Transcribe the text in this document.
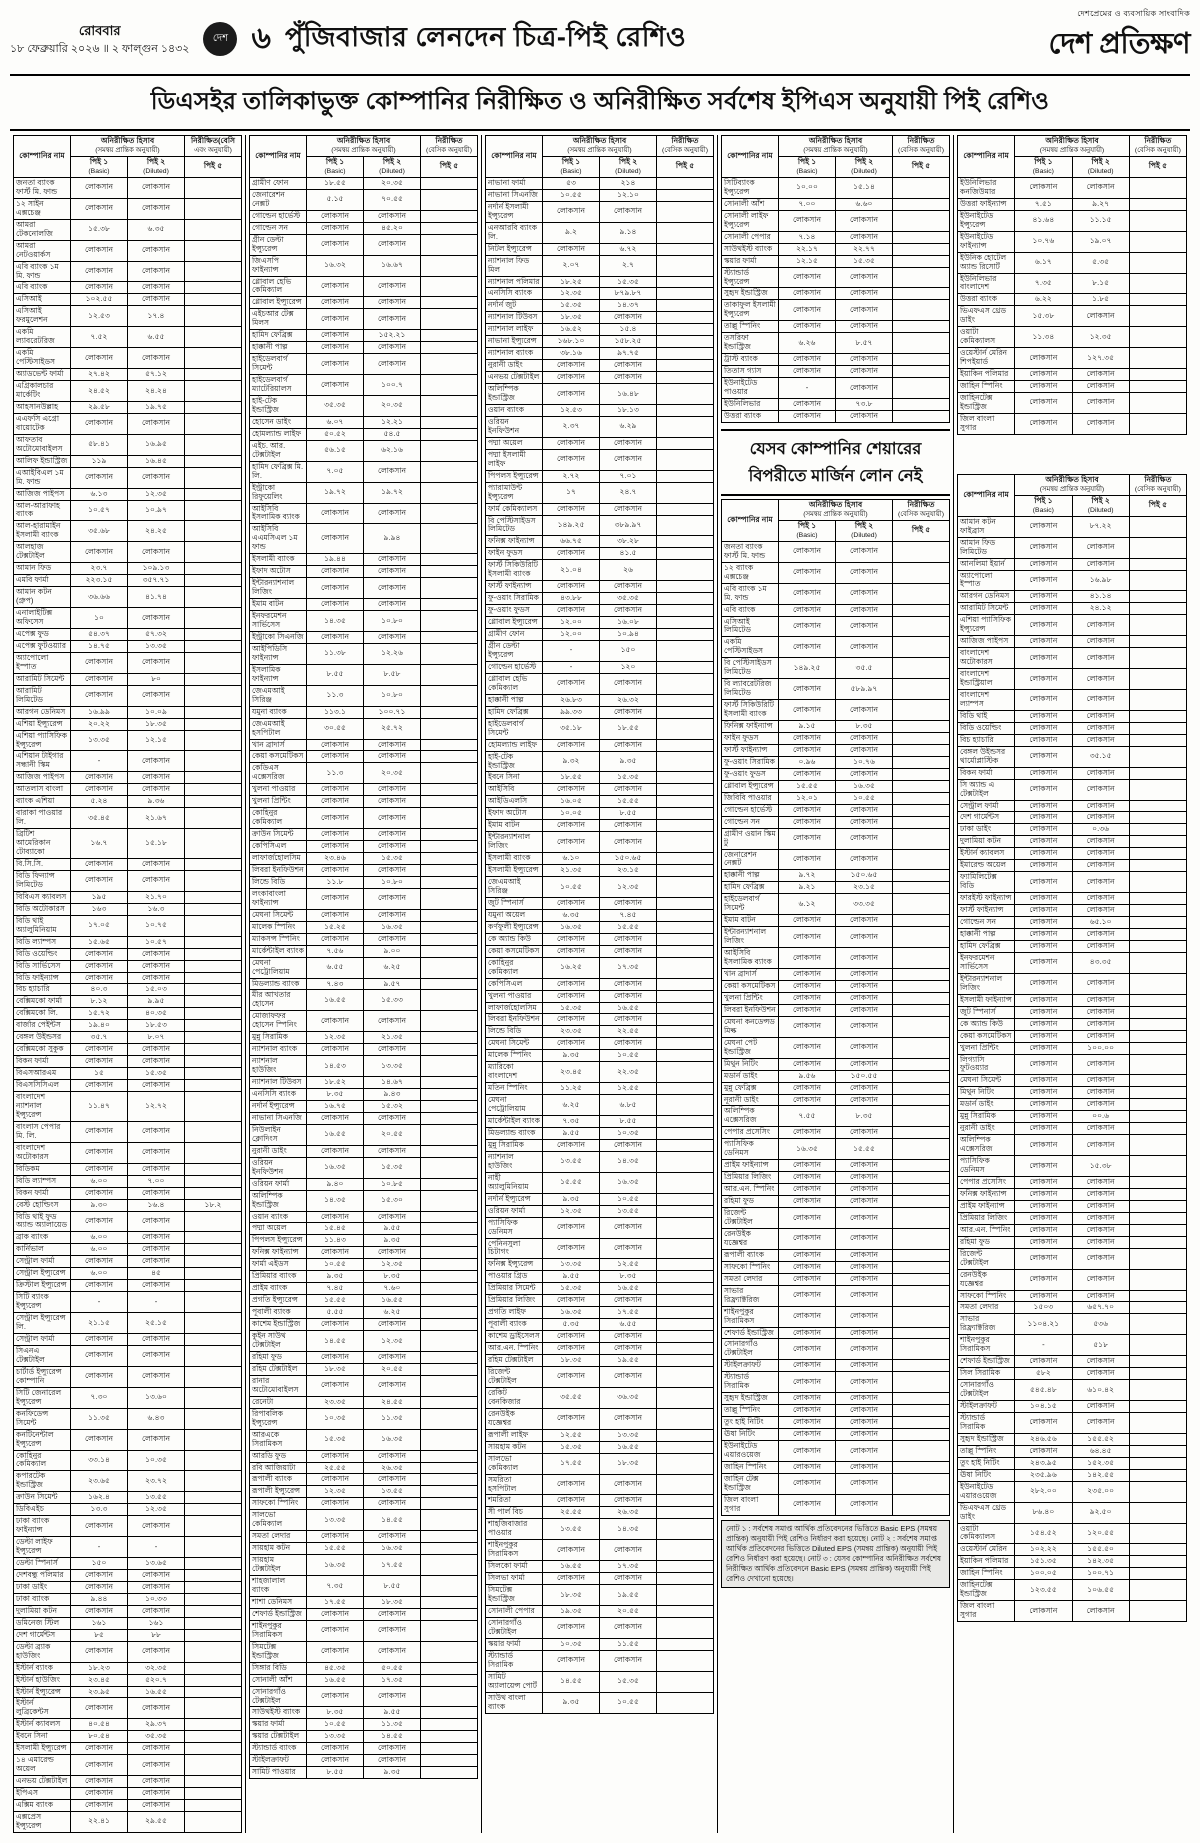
রোববার
১৮ ফেব্রুয়ারি ২০২৬ ॥ ২ ফাল্গুন ১৪৩২
দেশ ৬ পুঁজিবাজার লেনদেন চিত্র-পিই রেশিও
দেশপ্রেমের ও ব্যবসায়িক সাংবাদিক
দেশ প্রতিক্ষণ
ডিএসইর তালিকাভুক্ত কোম্পানির নিরীক্ষিত ও অনিরীক্ষিত সর্বশেষ ইপিএস অনুযায়ী পিই রেশিও
কোম্পানির নাম	অনিরীক্ষিত হিসাব
(সমন্বয় প্রান্তিক অনুযায়ী)		নিরীক্ষিত(বেসি
এবং অনুযায়ী)
	পিই ১
(Basic)	পিই ২
(Diluted)	পিই ৫
জনতা ব্যাংক ফার্স্ট মি. ফান্ড	লোকসান	লোকসান	
১২ সাইন এক্সচেঞ্জ	লোকসান	লোকসান	
আমরা টেকনোলজি	১৫.৩৮	৬.৩৫	
আমরা নেটওয়ার্কস	লোকসান	লোকসান	
এবি ব্যাংক ১ম মি. ফান্ড	লোকসান	লোকসান	
এবি ব্যাংক	লোকসান	লোকসান	
এসিআই	১০২.৫৫	লোকসান	
এসিআই ফরমুলেশন	১২.৫৩	১৭.৪	
একমি ল্যাবরেটরিজ	৭.৫২	৬.৫৫	
একমি পেস্টিসাইডস	লোকসান	লোকসান	
অ্যাডভেন্ট ফার্মা	২৭.৪২	৫৭.১২	
এগ্রিকালচার মার্কেটিং	২৪.৫২	২৪.২৪	
আহসানউল্লাহ	২৯.৫৮	১৯.৭৫	
এএফসি এগ্রো বায়োটেক	লোকসান	লোকসান	
আফতাব অটোমোবাইলস	৫৮.৪১	১৬.৯৫	
আলিফ ইন্ডাস্ট্রিজ	১১৯	১৬.৪৫	
এআইবিএল ১ম মি. ফান্ড	লোকসান	লোকসান	
আজিজ পাইপস	৬.১৩	১২.৩৫	
আল-আরাফাহ ব্যাংক	১০.৫৭	১০.৯৭	
আল-হারামাইন ইসলামী ব্যাংক	৩৫.৬৮	২৪.২৫	
আলহাজ টেক্সটাইল	লোকসান	লোকসান	
আমান ফিড	২৩.৭	১০৯.১৩	
এমবি ফার্মা	২২৩.১৫	৩৫৭.৭১	
আমান কটন (গ্রুপ)	৩৬.৬৬	৪১.৭৪	
এনালাইটিক্স অফিসেস	১০	লোকসান	
এপেক্স ফুড	৫৪.৩৭	৫৭.৩২	
এপেক্স ফুটওয়্যার	১৪.৭৫	১৩.৩৫	
অ্যাপোলো ইস্পাত	লোকসান	লোকসান	
আরামিট সিমেন্ট	লোকসান	৮০	
আরামিট লিমিটেড	লোকসান	লোকসান	
আরগন ডেনিমস	১৬.৯৯	১০.০৯	
এশিয়া ইন্স্যুরেন্স	২০.২২	১৮.৩৫	
এশিয়া প্যাসিফিক ইন্স্যুরেন্স	১৩.৩৫	১২.১৫	
এশিয়ান টাইগার সন্ধানী স্কিম	-	লোকসান	
আজিজ পাইপস	লোকসান	লোকসান	
আতলাস বাংলা	লোকসান	লোকসান	
ব্যাংক এশিয়া	৫.২৪	৯.৩৬	
বারাকা পাওয়ার লি.	৩৫.৪৫	২১.৬৭	
ব্রিটিশ আমেরিকান টোব্যাকো	১৬.৭	১৫.১৮	
বি.সি.সি.	লোকসান	লোকসান	
বিডি ফিন্যান্স লিমিটেড	লোকসান	লোকসান	
বিবিএস ক্যাবলস	১৯৫	২১.৭০	
বিডি অটোকারস	১৬৩	১৬.৩	
বিডি থাই অ্যালুমিনিয়াম	১৭.০৫	১০.৭৫	
বিডি ল্যাম্পস	১৫.৬৫	১০.৫৭	
বিডি ওয়েল্ডিং	লোকসান	লোকসান	
বিডি সার্ভিসেস	লোকসান	লোকসান	
বিডি ফাইন্যান্স	লোকসান	লোকসান	
বিচ হ্যাচারি	৪০.৩	১৫.০৩	
বেক্সিমকো ফার্মা	৮.১২	৯.৯৫	
বেক্সিমকো লি.	১৫.৭২	৪০.৩৫	
বার্জার পেইন্টস	১৯.৪০	১৮.৫৩	
বেঙ্গল উইন্ডসর	৩৫.৭	৮.০৭	
বেক্সিমকো সুকুক	লোকসান	লোকসান	
বিকন ফার্মা	লোকসান	লোকসান	
বিএসআরএম	১৫	১৫.৩৫	
বিএসসিসিএল	লোকসান	লোকসান	
বাংলাদেশ ন্যাশনাল ইন্স্যুরেন্স	১১.৪৭	১২.৭২	
বাংলাস পেপার মি. লি.	লোকসান	লোকসান	
বাংলাদেশ অটোকারস	লোকসান	লোকসান	
বিডিকম	লোকসান	লোকসান	
বিডি ল্যাম্পস	৬.০০	৭.০০	
বিকন ফার্মা	লোকসান	লোকসান	
বেস্ট হোল্ডিংস	৯.৩০	১৬.৪	১৮.২
বিডি থাই ফুড অ্যান্ড অ্যালায়েড	লোকসান	লোকসান	
ব্রাক ব্যাংক	৬.০০	লোকসান	
কার্নিভাল	৬.০০	লোকসান	
সেন্ট্রাল ফার্মা	লোকসান	লোকসান	
সেন্ট্রাল ইন্স্যুরেন্স	৬.০০	৪৫	
ক্রিস্টাল ইন্স্যুরেন্স	লোকসান	লোকসান	
সিটি ব্যাংক ইন্স্যুরেন্স	-	-	
সেন্ট্রাল ইন্স্যুরেন্স লি.	২১.১৫	২৫.১৫	
সেন্ট্রাল ফার্মা	লোকসান	লোকসান	
সিএনএ টেক্সটাইল	লোকসান	লোকসান	
চার্টার্ড ইন্স্যুরেন্স কোম্পানি	লোকসান	লোকসান	
সিটি জেনারেল ইন্স্যুরেন্স	৭.৩০	১৩.৬০	
কনফিডেন্স সিমেন্ট	১১.৩৫	৬.৪৩	
কনটিনেন্টাল ইন্স্যুরেন্স	লোকসান	লোকসান	
কোহিনুর কেমিক্যাল	৩৩.১৪	১০.৩৫	
কপারটেক ইন্ডাস্ট্রিজ	২৩.৬৫	২৩.৭২	
ক্রাউন সিমেন্ট	১৬২.৪	১৩.৫৫	
ডিবিএইচ	১৩.৩	১২.৩৫	
ঢাকা ব্যাংক ফাইন্যান্স	লোকসান	লোকসান	
ডেল্টা লাইফ ইন্স্যুরেন্স	-	-	
ডেল্টা স্পিনার্স	১৫০	১৩.৬৫	
দেশবন্ধু পলিমার	লোকসান	লোকসান	
ঢাকা ডাইং	লোকসান	লোকসান	
ঢাকা ব্যাংক	৯.৪৪	১০.৩৩	
দুলামিয়া কটন	লোকসান	লোকসান	
ডমিনেজ স্টিল	১৬১	১৬১	
দেশ গার্মেন্টস	৮৫	৮৮	
ডেল্টা ব্র্যাক হাউজিং	লোকসান	লোকসান	
ইস্টার্ন ব্যাংক	১৮.২৩	৩২.৩৫	
ইস্টার্ন হাউজিং	২৩.৪৫	৫২০.৭	
ইস্টার্ন ইন্স্যুরেন্স	২৩.৯৫	১৬.৫৫	
ইস্টার্ন লুব্রিকেন্টস	লোকসান	লোকসান	
ইস্টার্ন ক্যাবলস	৪০.৫৪	২৯.৩৭	
ইবনে সিনা	৮০.৫৪	৩৫.৩৫	
ইসলামী ইন্স্যুরেন্স	লোকসান	লোকসান	
১৪ এমারেল্ড অয়েল	লোকসান	লোকসান	
এনভয় টেক্সটাইল	লোকসান	লোকসান	
ইপিএস	লোকসান	লোকসান	
এক্সিম ব্যাংক	লোকসান	লোকসান	
এক্সপ্রেস ইন্স্যুরেন্স	২২.৪১	২৯.৫৫	
কোম্পানির নাম	অনিরীক্ষিত হিসাব
(সমন্বয় প্রান্তিক অনুযায়ী)		নিরীক্ষিত
(বেসিক অনুযায়ী)
	পিই ১
(Basic)	পিই ২
(Diluted)	পিই ৫
গ্রামীণ ফোন	১৮.৫৫	২০.৩৫	
জেনারেশন নেক্সট	৫.১৫	৭০.৫৫	
গোল্ডেন হার্ভেস্ট	লোকসান	লোকসান	
গোল্ডেন সন	লোকসান	৪৫.২০	
গ্রীন ডেল্টা ইন্স্যুরেন্স	লোকসান	লোকসান	
জিএসপি ফাইন্যান্স	১৬.৩২	১৬.৬৭	
গ্লোবাল হেভি কেমিক্যাল	লোকসান	লোকসান	
গ্লোবাল ইন্স্যুরেন্স	লোকসান	লোকসান	
এইচআর টেক্স মিলস	লোকসান	লোকসান	
হামিদ ফেব্রিক্স	লোকসান	১৫২.২১	
হাক্কানী পাল্প	লোকসান	লোকসান	
হাইডেলবার্গ সিমেন্ট	লোকসান	লোকসান	
হাইডেলবার্গ ম্যাটেরিয়ালস	লোকসান	১০০.৭	
হাই-টেক ইন্ডাস্ট্রিজ	৩৫.৩৫	২০.৩৫	
হোসেন ডাইং	৬.০৭	১২.২১	
হোমল্যান্ড লাইফ	৫০.৫২	৫৪.৫	
এইচ. আর. টেক্সটাইল	৫৬.১৫	৬২.১৬	
হামিদ ফেব্রিক্স মি. লি.	৭.০৫	লোকসান	
ইন্ট্রাকো রিফুয়েলিং	১৯.৭২	১৯.৭২	
আইসিবি ইসলামিক ব্যাংক	লোকসান	লোকসান	
আইসিবি এএমসিএল ১ম ফান্ড	লোকসান	৯.৯৪	
ইসলামী ব্যাংক	১৯.৪৪	লোকসান	
ইফাদ অটোস	লোকসান	লোকসান	
ইন্টারন্যাশনাল লিজিং	লোকসান	লোকসান	
ইমাম বাটন	লোকসান	লোকসান	
ইনফরমেশন সার্ভিসেস	১৪.৩৫	১০.৮০	
ইন্ট্রাকো সিএনজি	লোকসান	লোকসান	
আইপিডিসি ফাইন্যান্স	১১.৩৮	১২.২৬	
ইসলামিক ফাইন্যান্স	৮.৫৫	৮.৫৮	
জেএমআই সিরিঞ্জ	১১.৩	১০.৮০	
যমুনা ব্যাংক	১১৩.১	১০০.৭১	
জেএমআই হসপিটাল	৩০.৫৫	২৫.৭২	
খান ব্রাদার্স	লোকসান	লোকসান	
কেয়া কসমেটিকস	লোকসান	লোকসান	
কেডিএস এক্সেসরিজ	১১.৩	২০.৩৫	
খুলনা পাওয়ার	লোকসান	লোকসান	
খুলনা প্রিন্টিং	লোকসান	লোকসান	
কোহিনুর কেমিক্যাল	লোকসান	লোকসান	
ক্রাউন সিমেন্ট	লোকসান	লোকসান	
কেপিসিএল	লোকসান	লোকসান	
লাফার্জহোলসিম	২৩.৪৬	১৫.৩৫	
লিবরা ইনফিউশন	লোকসান	লোকসান	
লিন্ডে বিডি	১১.৮	১০.৮০	
লংকাবাংলা ফাইন্যান্স	লোকসান	লোকসান	
মেঘনা সিমেন্ট	লোকসান	লোকসান	
মালেক স্পিনিং	১৫.২৫	১৬.৩৫	
ম্যাকসন্স স্পিনিং	লোকসান	লোকসান	
মার্কেন্টাইল ব্যাংক	৭.৫৬	৯.০০	
মেঘনা পেট্রোলিয়াম	৬.৫৫	৬.২৫	
মিডল্যান্ড ব্যাংক	৭.৪৩	৯.৫৭	
মীর আখতার হোসেন	১৬.৫৫	১৫.৩৩	
মোজাফফর হোসেন স্পিনিং	লোকসান	লোকসান	
মুন্নু সিরামিক	১২.৩৫	২১.৩৫	
ন্যাশনাল ব্যাংক	লোকসান	লোকসান	
ন্যাশনাল হাউজিং	১৪.৫৩	১৩.৩৫	
ন্যাশনাল টিউবস	১৮.৫২	১৪.৬৭	
এনসিসি ব্যাংক	৮.৩৫	৯.৪৩	
নর্দার্ন ইন্স্যুরেন্স	১৬.৭৫	১৫.৩২	
নাভানা সিএনজি	লোকসান	লোকসান	
নিউলাইন ক্লোদিংস	১৬.৫৫	২০.৫৫	
নুরানী ডাইং	লোকসান	লোকসান	
ওরিয়ন ইনফিউশন	১৬.৩৫	১৫.৩৫	
ওরিয়ন ফার্মা	৯.৪০	১০.৮৫	
অলিম্পিক ইন্ডাস্ট্রিজ	১৪.৩৫	১৫.৩০	
ওয়ান ব্যাংক	লোকসান	লোকসান	
পদ্মা অয়েল	১৫.৪৫	৯.৫৫	
পিপলস ইন্স্যুরেন্স	১১.৪৩	৯.৩৫	
ফনিক্স ফাইন্যান্স	লোকসান	লোকসান	
ফার্মা এইডস	১০.৫৫	১২.৩৫	
প্রিমিয়ার ব্যাংক	৯.৩৫	৮.৩৫	
প্রাইম ব্যাংক	৭.৪৫	৭.৬০	
প্রগতি ইন্স্যুরেন্স	১৫.৫৫	১৬.৫৫	
পূবালী ব্যাংক	৫.৫৫	৬.২৫	
কাশেম ইন্ডাস্ট্রিজ	লোকসান	লোকসান	
কুইন সাউথ টেক্সটাইল	১৪.৫৫	১২.৩৫	
রহিমা ফুড	লোকসান	লোকসান	
রহিম টেক্সটাইল	১৮.৩৫	২০.৫৫	
রানার অটোমোবাইলস	লোকসান	লোকসান	
রেনেটা	২৩.৩৫	২৪.৫৫	
রিপাবলিক ইন্স্যুরেন্স	১০.৩৫	১১.৩৫	
আরএকে সিরামিকস	১৫.৩৫	১৬.৩৫	
আরডি ফুড	লোকসান	লোকসান	
রবি আজিয়াটা	২৫.৫৫	২৬.৩৫	
রূপালী ব্যাংক	লোকসান	লোকসান	
রূপালী ইন্স্যুরেন্স	১২.৩৫	১৩.৫৫	
সাফকো স্পিনিং	লোকসান	লোকসান	
সালভো কেমিক্যাল	১৩.৩৫	১৪.৫৫	
সমতা লেদার	লোকসান	লোকসান	
সায়হাম কটন	১৫.৫৫	১৬.৩৫	
সায়হাম টেক্সটাইল	১৬.৩৫	১৭.৫৫	
শাহজালাল ব্যাংক	৭.৩৫	৮.৫৫	
শাশা ডেনিমস	১৭.৫৫	১৮.৩৫	
শেফার্ড ইন্ডাস্ট্রিজ	লোকসান	লোকসান	
শাইনপুকুর সিরামিকস	লোকসান	লোকসান	
সিমটেক্স ইন্ডাস্ট্রিজ	লোকসান	লোকসান	
সিঙ্গার বিডি	৪৫.৩৫	৫০.৫৫	
সোনালী আঁশ	১৬.৫৫	১৭.৩৫	
সোনারগাঁও টেক্সটাইল	লোকসান	লোকসান	
সাউথইস্ট ব্যাংক	৮.৩৫	৯.৫৫	
স্কয়ার ফার্মা	১০.৫৫	১১.৩৫	
স্কয়ার টেক্সটাইল	১৩.৩৫	১৪.৫৫	
স্ট্যান্ডার্ড ব্যাংক	লোকসান	লোকসান	
স্টাইলক্রাফট	লোকসান	লোকসান	
সামিট পাওয়ার	৮.৫৫	৯.৩৫	
কোম্পানির নাম	অনিরীক্ষিত হিসাব
(সমন্বয় প্রান্তিক অনুযায়ী)		নিরীক্ষিত
(বেসিক অনুযায়ী)
	পিই ১
(Basic)	পিই ২
(Diluted)	পিই ৫
নাভানা ফার্মা	৫৩	২১৪	
নাভানা সিএনজি	১০.৫৫	১২.১০	
নর্দার্ন ইসলামী ইন্স্যুরেন্স	লোকসান	লোকসান	
এনআরবি ব্যাংক লি.	৯.২	৯.১৪	
নিটল ইন্স্যুরেন্স	লোকসান	৬.৭২	
ন্যাশনাল ফিড মিল	২.০৭	২.৭	
ন্যাশনাল পলিমার	১৮.২৫	১৫.৩৫	
এনসিসি ব্যাংক	১২.৩৫	৮৭৯.৮৭	
নর্দার্ন জুট	১৫.৩৫	১৪.৩৭	
ন্যাশনাল টিউবস	১৮.৩৫	লোকসান	
ন্যাশনাল লাইফ	১৬.৫২	১৫.৪	
নাভানা ইন্স্যুরেন্স	১৬৮.১০	১৫৮.২৫	
ন্যাশনাল ব্যাংক	৩৮.১৬	৯৭.৭৫	
নুরানী ডাইং	লোকসান	লোকসান	
এনভয় টেক্সটাইল	লোকসান	লোকসান	
অলিম্পিক ইন্ডাস্ট্রিজ	লোকসান	১৬.৪৮	
ওয়ান ব্যাংক	১২.৫৩	১৮.১৩	
ওরিয়ন ইনফিউশন	২.৩৭	৬.২৯	
পদ্মা অয়েল	লোকসান	লোকসান	
পদ্মা ইসলামী লাইফ	লোকসান	লোকসান	
পিপলস ইন্স্যুরেন্স	২.৭২	৭.০১	
প্যারামাউন্ট ইন্স্যুরেন্স	১৭	২৪.৭	
ফার্ম কেমিক্যালস	লোকসান	লোকসান	
বি পেস্টিসাইডস লিমিটেড	১৪৯.২৫	৩৮৯.৯৭	
ফনিক্স ফাইন্যান্স	৬৬.৭৫	৩৮.২৮	
ফাইন ফুডস	লোকসান	৪১.৫	
ফার্স্ট সিকিউরিটি ইসলামী ব্যাংক	২১.০৪	২৬	
ফার্স্ট ফাইন্যান্স	লোকসান	লোকসান	
ফু-ওয়াং সিরামিক	৪৩.৮৮	৩৫.৩৫	
ফু-ওয়াং ফুডস	লোকসান	লোকসান	
গ্লোবাল ইন্স্যুরেন্স	১২.০০	১৬.০৮	
গ্রামীণ ফোন	১২.০০	১০.৯৪	
গ্রীন ডেল্টা ইন্স্যুরেন্স	-	১৫০	
গোল্ডেন হার্ভেস্ট	-	১২০	
গ্লোবাল হেভি কেমিক্যাল	লোকসান	লোকসান	
হাক্কানী পাল্প	২৬.৮৩	২৬.৩২	
হামিদ ফেব্রিক্স	৯৯.৩৩	লোকসান	
হাইডেলবার্গ সিমেন্ট	৩৫.১৮	১৮.৫৫	
হোমল্যান্ড লাইফ	লোকসান	লোকসান	
হাই-টেক ইন্ডাস্ট্রিজ	৯.৩২	৯.৩৫	
ইবনে সিনা	১৮.৫৫	১৫.৩৫	
আইসিবি	লোকসান	লোকসান	
আইডিএলসি	১৬.০৫	১৫.৫৫	
ইফাদ অটোস	১০.০৫	৮.৫৫	
ইমাম বাটন	লোকসান	লোকসান	
ইন্টারন্যাশনাল লিজিং	লোকসান	লোকসান	
ইসলামী ব্যাংক	৬.১০	১৫০.৬৫	
ইসলামী ইন্স্যুরেন্স	২১.৩৫	২৩.১৫	
জেএমআই সিরিঞ্জ	১০.৫৫	১২.৩৫	
জুট স্পিনার্স	লোকসান	লোকসান	
যমুনা অয়েল	৬.৩৫	৭.৪৫	
কর্ণফুলী ইন্স্যুরেন্স	১৬.৩৫	১৫.৫৫	
কে অ্যান্ড কিউ	লোকসান	লোকসান	
কেয়া কসমেটিকস	লোকসান	লোকসান	
কোহিনুর কেমিক্যাল	১৬.২৫	১৭.৩৫	
কেপিসিএল	লোকসান	লোকসান	
খুলনা পাওয়ার	লোকসান	লোকসান	
লাফার্জহোলসিম	১৫.৩৫	১৬.৫৫	
লিবরা ইনফিউশন	লোকসান	লোকসান	
লিন্ডে বিডি	২৩.৩৫	২২.৫৫	
মেঘনা সিমেন্ট	লোকসান	লোকসান	
মালেক স্পিনিং	৯.৩৫	১০.৫৫	
ম্যারিকো বাংলাদেশ	২৩.৪৫	২২.৩৫	
মতিন স্পিনিং	১১.২৫	১২.৫৫	
মেঘনা পেট্রোলিয়াম	৬.২৫	৬.৮৫	
মার্কেন্টাইল ব্যাংক	৭.৩৫	৮.৫৫	
মিডল্যান্ড ব্যাংক	৯.৫৫	১০.৩৫	
মুন্নু সিরামিক	লোকসান	লোকসান	
ন্যাশনাল হাউজিং	১৩.৫৫	১৪.৩৫	
নাহী অ্যালুমিনিয়াম	১৫.৫৫	১৬.৩৫	
নর্দার্ন ইন্স্যুরেন্স	৯.৩৫	১০.৫৫	
ওরিয়ন ফার্মা	১২.৩৫	১৩.৫৫	
প্যাসিফিক ডেনিমস	লোকসান	লোকসান	
পেনিনসুলা চিটাগং	লোকসান	লোকসান	
ফনিক্স ইন্স্যুরেন্স	১৩.৩৫	১২.৫৫	
পাওয়ার গ্রিড	৯.৫৫	৮.৩৫	
প্রিমিয়ার সিমেন্ট	১৫.৩৫	১৬.৫৫	
প্রিমিয়ার লিজিং	লোকসান	লোকসান	
প্রগতি লাইফ	১৬.৩৫	১৭.৫৫	
পূবালী ব্যাংক	৫.৩৫	৬.৫৫	
কাশেম ড্রাইসেলস	লোকসান	লোকসান	
আর.এন. স্পিনিং	লোকসান	লোকসান	
রহিম টেক্সটাইল	১৮.৩৫	১৯.৫৫	
রিজেন্ট টেক্সটাইল	লোকসান	লোকসান	
রেকিট বেনকিজার	৩৫.৫৫	৩৬.৩৫	
রেনউইক যজ্ঞেশ্বর	লোকসান	লোকসান	
রূপালী লাইফ	১২.৫৫	১৩.৩৫	
সায়হাম কটন	১৫.৩৫	১৬.৫৫	
সালভো কেমিক্যাল	১৭.৫৫	১৮.৩৫	
সমরিতা হসপিটাল	লোকসান	লোকসান	
শমরিতা	লোকসান	লোকসান	
সী পার্ল বিচ	২৫.৫৫	২৬.৩৫	
শাহজিবাজার পাওয়ার	১৩.৫৫	১৪.৩৫	
শাইনপুকুর সিরামিকস	লোকসান	লোকসান	
সিলকো ফার্মা	১৬.৫৫	১৭.৩৫	
সিলভা ফার্মা	লোকসান	লোকসান	
সিমটেক্স ইন্ডাস্ট্রিজ	১৮.৩৫	১৯.৫৫	
সোনালী পেপার	১৯.৩৫	২০.৫৫	
সোনারগাঁও টেক্সটাইল	লোকসান	লোকসান	
স্কয়ার ফার্মা	১০.৩৫	১১.৫৫	
স্ট্যান্ডার্ড সিরামিক	লোকসান	লোকসান	
সামিট অ্যালায়েন্স পোর্ট	১৪.৫৫	১৫.৩৫	
সাউথ বাংলা ব্যাংক	৯.৩৫	১০.৫৫	
কোম্পানির নাম	অনিরীক্ষিত হিসাব
(সমন্বয় প্রান্তিক অনুযায়ী)		নিরীক্ষিত
(বেসিক অনুযায়ী)
	পিই ১
(Basic)	পিই ২
(Diluted)	পিই ৫
সিটিব্যাংক ইন্স্যুরেন্স	১০.০০	১৫.১৪	
সোনালী আঁশ	৭.০০	৬.৬০	
সোনালী লাইফ ইন্স্যুরেন্স	লোকসান	লোকসান	
সোনালী পেপার	৭.১৪	লোকসান	
সাউথইস্ট ব্যাংক	২২.১৭	২২.৭৭	
স্কয়ার ফার্মা	১২.১৫	১৫.৩৫	
স্ট্যান্ডার্ড ইন্স্যুরেন্স	লোকসান	লোকসান	
সুহৃদ ইন্ডাস্ট্রিজ	লোকসান	লোকসান	
তাকাফুল ইসলামী ইন্স্যুরেন্স	লোকসান	লোকসান	
তাল্লু স্পিনিং	লোকসান	লোকসান	
তসরিফা ইন্ডাস্ট্রিজ	৬.২৬	৮.৫৭	
ট্রাস্ট ব্যাংক	লোকসান	লোকসান	
তিতাস গ্যাস	লোকসান	লোকসান	
ইউনাইটেড পাওয়ার	-	লোকসান	
ইউনিলিভার	লোকসান	৭৩.৮	
উত্তরা ব্যাংক	লোকসান	লোকসান	
যেসব কোম্পানির শেয়ারের বিপরীতে মার্জিন লোন নেই
কোম্পানির নাম	অনিরীক্ষিত হিসাব
(সমন্বয় প্রান্তিক অনুযায়ী)		নিরীক্ষিত
(বেসিক অনুযায়ী)
	পিই ১
(Basic)	পিই ২
(Diluted)	পিই ৫
জনতা ব্যাংক ফার্স্ট মি. ফান্ড	লোকসান	লোকসান	
১২ ব্যাংক এক্সচেঞ্জ	লোকসান	লোকসান	
এবি ব্যাংক ১ম মি. ফান্ড	লোকসান	লোকসান	
এবি ব্যাংক	লোকসান	লোকসান	
এসিআই লিমিটেড	লোকসান	লোকসান	
একমি পেস্টিসাইডস	লোকসান	লোকসান	
বি পেস্টিসাইডস লিমিটেড	১৪৯.২৫	৩৫.৫	
বি ল্যাবরেটরিজ লিমিটেড	লোকসান	৫৮৯.৯৭	
ফার্স্ট সিকিউরিটি ইসলামী ব্যাংক	লোকসান	লোকসান	
ফিনিক্স ফাইন্যান্স	৯.১৫	৮.৩৫	
ফাইন ফুডস	লোকসান	লোকসান	
ফার্স্ট ফাইন্যান্স	লোকসান	লোকসান	
ফু-ওয়াং সিরামিক	০.৯৬	১০.৭৬	
ফু-ওয়াং ফুডস	লোকসান	লোকসান	
গ্লোবাল ইন্স্যুরেন্স	১৫.৫৫	১৬.৩৫	
জিবিবি পাওয়ার	১২.০১	১০.৫৫	
গোল্ডেন হার্ভেস্ট	লোকসান	লোকসান	
গোল্ডেন সন	লোকসান	লোকসান	
গ্রামীণ ওয়ান স্কিম টু	লোকসান	লোকসান	
জেনারেশন নেক্সট	লোকসান	লোকসান	
হাক্কানী পাল্প	৯.৭২	১৫০.৬৫	
হামিদ ফেব্রিক্স	৯.২১	২৩.১৫	
হাইডেলবার্গ সিমেন্ট	৬.১২	৩৩.৩৫	
ইমাম বাটন	লোকসান	লোকসান	
ইন্টারন্যাশনাল লিজিং	লোকসান	লোকসান	
আইসিবি ইসলামিক ব্যাংক	লোকসান	লোকসান	
খান ব্রাদার্স	লোকসান	লোকসান	
কেয়া কসমেটিকস	লোকসান	লোকসান	
খুলনা প্রিন্টিং	লোকসান	লোকসান	
লিবরা ইনফিউশন	লোকসান	লোকসান	
মেঘনা কনডেন্সড মিল্ক	লোকসান	লোকসান	
মেঘনা পেট ইন্ডাস্ট্রিজ	লোকসান	লোকসান	
মিথুন নিটিং	লোকসান	লোকসান	
মডার্ন ডাইং	৯.৫৬	১৫০.৫৫	
মুন্নু ফেব্রিক্স	লোকসান	লোকসান	
নূরানী ডাইং	লোকসান	লোকসান	
অলিম্পিক এক্সেসরিজ	৭.৫৫	৮.৩৫	
পেপার প্রসেসিং	লোকসান	লোকসান	
প্যাসিফিক ডেনিমস	১৬.৩৫	১৫.৫৫	
প্রাইম ফাইন্যান্স	লোকসান	লোকসান	
প্রিমিয়ার লিজিং	লোকসান	লোকসান	
আর.এন. স্পিনিং	লোকসান	লোকসান	
রহিমা ফুড	লোকসান	লোকসান	
রিজেন্ট টেক্সটাইল	লোকসান	লোকসান	
রেনউইক যজ্ঞেশ্বর	লোকসান	লোকসান	
রূপালী ব্যাংক	লোকসান	লোকসান	
সাফকো স্পিনিং	লোকসান	লোকসান	
সমতা লেদার	লোকসান	লোকসান	
সাভার রিফ্র্যাক্টরিজ	লোকসান	লোকসান	
শাইনপুকুর সিরামিকস	লোকসান	লোকসান	
শেফার্ড ইন্ডাস্ট্রিজ	লোকসান	লোকসান	
সোনারগাঁও টেক্সটাইল	লোকসান	লোকসান	
স্টাইলক্রাফট	লোকসান	লোকসান	
স্ট্যান্ডার্ড সিরামিক	লোকসান	লোকসান	
সুহৃদ ইন্ডাস্ট্রিজ	লোকসান	লোকসান	
তাল্লু স্পিনিং	লোকসান	লোকসান	
তুং হাই নিটিং	লোকসান	লোকসান	
ঊষা নিটিং	লোকসান	লোকসান	
ইউনাইটেড এয়ারওয়েজ	লোকসান	লোকসান	
জাহিন স্পিনিং	লোকসান	লোকসান	
জাহিন টেক্স ইন্ডাস্ট্রিজ	লোকসান	লোকসান	
জিল বাংলা সুগার	লোকসান	লোকসান	
নোট ১ : সর্বশেষ সমাপ্ত আর্থিক প্রতিবেদনের ভিত্তিতে Basic EPS (সমন্বয় প্রান্তিক) অনুযায়ী পিই রেশিও নির্ধারণ করা হয়েছে। নোট ২ : সর্বশেষ সমাপ্ত আর্থিক প্রতিবেদনের ভিত্তিতে Diluted EPS (সমন্বয় প্রান্তিক) অনুযায়ী পিই রেশিও নির্ধারণ করা হয়েছে। নোট ৩ : যেসব কোম্পানির অনিরীক্ষিত সর্বশেষ নিরীক্ষিত আর্থিক প্রতিবেদনে Basic EPS (সমন্বয় প্রান্তিক) অনুযায়ী পিই রেশিও দেখানো হয়েছে।
কোম্পানির নাম	অনিরীক্ষিত হিসাব
(সমন্বয় প্রান্তিক অনুযায়ী)		নিরীক্ষিত
(বেসিক অনুযায়ী)
	পিই ১
(Basic)	পিই ২
(Diluted)	পিই ৫
ইউনিলিভার কনজিউমার	লোকসান	লোকসান	
উত্তরা ফাইন্যান্স	৭.৫১	৯.২৭	
ইউনাইটেড ইন্স্যুরেন্স	৪১.৬৪	১১.১৫	
ইউনাইটেড ফাইন্যান্স	১০.৭৬	১৯.০৭	
ইউনিক হোটেল অ্যান্ড রিসোর্ট	৬.১৭	৫.৩৫	
ইউনিলিভার বাংলাদেশ	৭.৩৫	৮.১৫	
উত্তরা ব্যাংক	৬.২২	১.৮৫	
ভিএফএস থ্রেড ডাইং	১৫.৩৮	লোকসান	
ওয়াটা কেমিক্যালস	১১.৩৪	১২.৩৫	
ওয়েস্টার্ন মেরিন শিপইয়ার্ড	লোকসান	১২৭.৩৫	
ইয়াকিন পলিমার	লোকসান	লোকসান	
জাহিন স্পিনিং	লোকসান	লোকসান	
জাহিনটেক্স ইন্ডাস্ট্রিজ	লোকসান	লোকসান	
জিল বাংলা সুগার	লোকসান	লোকসান	
কোম্পানির নাম	অনিরীক্ষিত হিসাব
(সমন্বয় প্রান্তিক অনুযায়ী)		নিরীক্ষিত
(বেসিক অনুযায়ী)
	পিই ১
(Basic)	পিই ২
(Diluted)	পিই ৫
আমান কটন ফাইব্রাস	লোকসান	৮৭.২২	
আমান ফিড লিমিটেড	লোকসান	লোকসান	
আনলিমা ইয়ার্ন	লোকসান	লোকসান	
অ্যাপোলো ইস্পাত	লোকসান	১৬.৯৮	
আরগন ডেনিমস	লোকসান	৪১.১৪	
আরামিট সিমেন্ট	লোকসান	২৪.১২	
এশিয়া প্যাসিফিক ইন্স্যুরেন্স	লোকসান	লোকসান	
আজিজ পাইপস	লোকসান	লোকসান	
বাংলাদেশ অটোকারস	লোকসান	লোকসান	
বাংলাদেশ ইন্ডাস্ট্রিয়াল	লোকসান	লোকসান	
বাংলাদেশ ল্যাম্পস	লোকসান	লোকসান	
বিডি থাই	লোকসান	লোকসান	
বিডি ওয়েল্ডিং	লোকসান	লোকসান	
বিচ হ্যাচারি	লোকসান	লোকসান	
বেঙ্গল উইন্ডসর থার্মোপ্লাস্টিক	লোকসান	৩৫.১৫	
বিকন ফার্মা	লোকসান	লোকসান	
সি অ্যান্ড এ টেক্সটাইল	লোকসান	লোকসান	
সেন্ট্রাল ফার্মা	লোকসান	লোকসান	
দেশ গার্মেন্টস	লোকসান	লোকসান	
ঢাকা ডাইং	লোকসান	০.৩৬	
দুলামিয়া কটন	লোকসান	লোকসান	
ইস্টার্ন ক্যাবলস	লোকসান	লোকসান	
ইমারেল্ড অয়েল	লোকসান	লোকসান	
ফ্যামিলিটেক্স বিডি	লোকসান	লোকসান	
ফারইস্ট ফাইন্যান্স	লোকসান	লোকসান	
ফার্স্ট ফাইন্যান্স	লোকসান	লোকসান	
গোল্ডেন সন	লোকসান	৬৫.১০	
হাক্কানী পাল্প	লোকসান	লোকসান	
হামিদ ফেব্রিক্স	লোকসান	লোকসান	
ইনফরমেশন সার্ভিসেস	লোকসান	৪৩.৩৫	
ইন্টারন্যাশনাল লিজিং	লোকসান	লোকসান	
ইসলামী ফাইন্যান্স	লোকসান	লোকসান	
জুট স্পিনার্স	লোকসান	লোকসান	
কে অ্যান্ড কিউ	লোকসান	লোকসান	
কেয়া কসমেটিকস	লোকসান	লোকসান	
খুলনা প্রিন্টিং	লোকসান	১০০.০০	
লিগ্যাসি ফুটওয়্যার	লোকসান	লোকসান	
মেঘনা সিমেন্ট	লোকসান	লোকসান	
মিথুন নিটিং	লোকসান	লোকসান	
মডার্ন ডাইং	লোকসান	লোকসান	
মুন্নু সিরামিক	লোকসান	০০.৬	
নুরানী ডাইং	লোকসান	লোকসান	
অলিম্পিক এক্সেসরিজ	লোকসান	লোকসান	
প্যাসিফিক ডেনিমস	লোকসান	১৫.৩৮	
পেপার প্রসেসিং	লোকসান	লোকসান	
ফনিক্স ফাইন্যান্স	লোকসান	লোকসান	
প্রাইম ফাইন্যান্স	লোকসান	লোকসান	
প্রিমিয়ার লিজিং	লোকসান	লোকসান	
আর.এন. স্পিনিং	লোকসান	লোকসান	
রহিমা ফুড	লোকসান	লোকসান	
রিজেন্ট টেক্সটাইল	লোকসান	লোকসান	
রেনউইক যজ্ঞেশ্বর	লোকসান	লোকসান	
সাফকো স্পিনিং	লোকসান	লোকসান	
সমতা লেদার	১৫০৩	৬৫৭.৭০	
সাভার রিফ্র্যাক্টরিজ	১১০৪.২১	৫৩৬	
শাইনপুকুর সিরামিকস	-	৫১৮	
শেফার্ড ইন্ডাস্ট্রিজ	লোকসান	লোকসান	
সিল সিরামিক	৫৮২	লোকসান	
সোনারগাঁও টেক্সটাইল	৫৪৫.৪৮	৬১০.৪২	
স্টাইলক্রাফট	১০৪.১৫	লোকসান	
স্ট্যান্ডার্ড সিরামিক	লোকসান	লোকসান	
সুহৃদ ইন্ডাস্ট্রিজ	২৪৬.৫৬	১৫৫.৫২	
তাল্লু স্পিনিং	লোকসান	৬৪.৪৫	
তুং হাই নিটিং	২৪৩.৯৫	১৫২.৩৫	
ঊষা নিটিং	২৩৫.৯৬	১৪২.৫৫	
ইউনাইটেড এয়ারওয়েজ	২৮২.০০	২৩৫.০০	
ভিএফএস থ্রেড ডাইং	৮৬.৪০	৯২.৫০	
ওয়াটা কেমিক্যালস	১৫৪.৫২	১২০.৫৫	
ওয়েস্টার্ন মেরিন	১০২.২২	১৫৫.৫০	
ইয়াকিন পলিমার	১৫১.৩৫	১৪২.৩৫	
জাহিন স্পিনিং	১০০.০৫	১০০.৭১	
জাহিনটেক্স ইন্ডাস্ট্রিজ	১২৩.৫৫	১০৬.৫৫	
জিল বাংলা সুগার	লোকসান	লোকসান	
